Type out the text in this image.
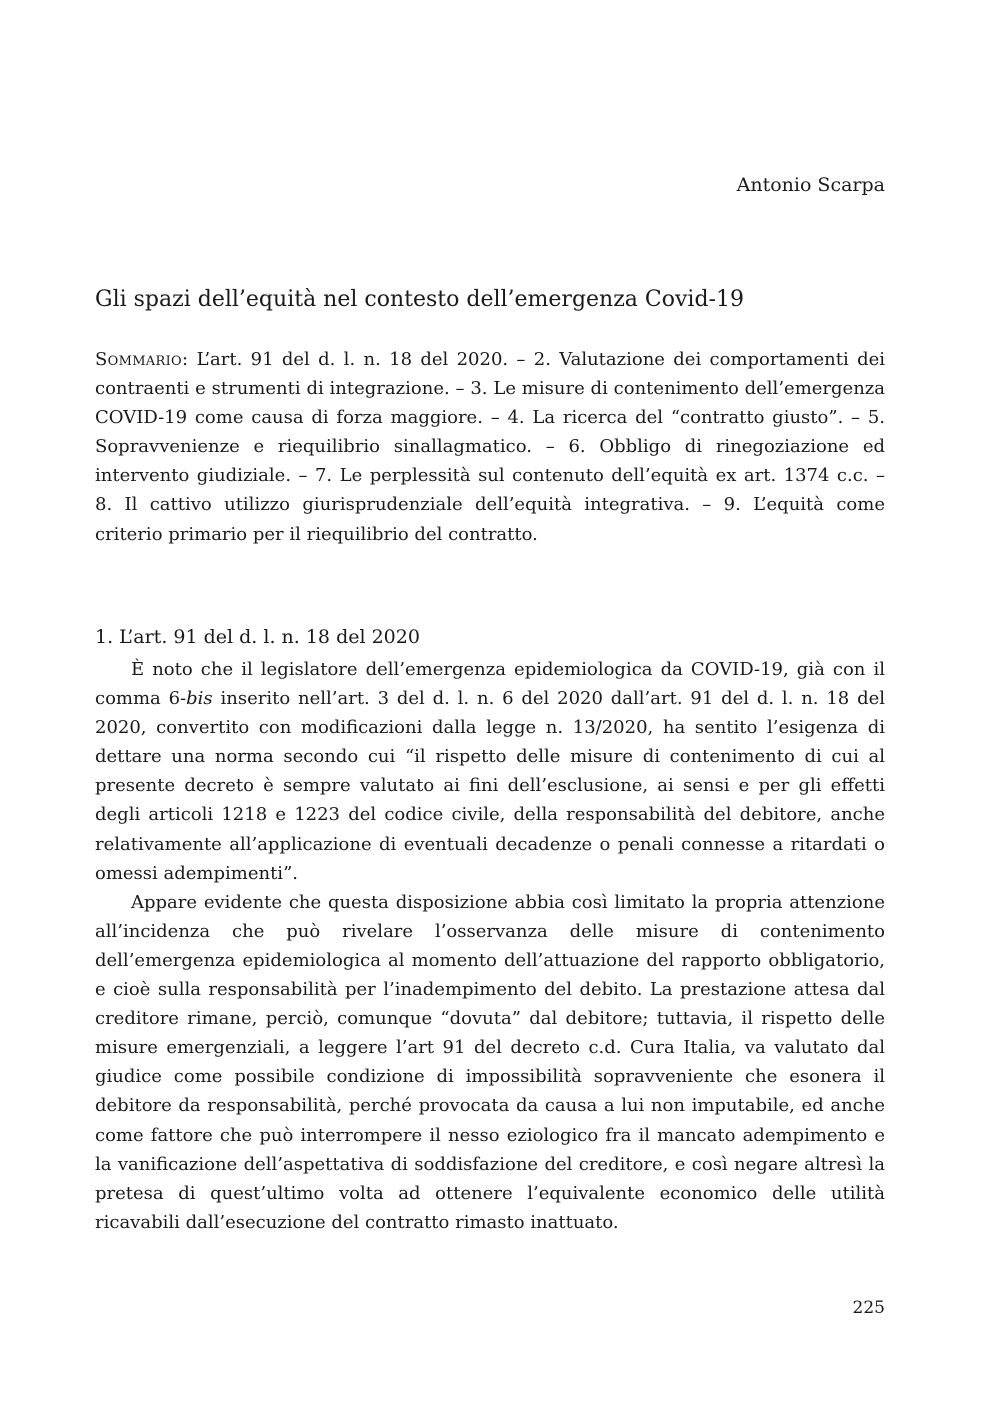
Antonio Scarpa
Gli spazi dell’equità nel contesto dell’emergenza Covid-19

Sommario: L’art. 91 del d. l. n. 18 del 2020. – 2. Valutazione dei comportamenti dei contraenti e strumenti di integrazione. – 3. Le misure di contenimento dell’emergenza COVID-19 come causa di forza maggiore. – 4. La ricerca del “contratto giusto”. – 5. Sopravvenienze e riequilibrio sinallagmatico. – 6. Obbligo di rinegoziazione ed intervento giudiziale. – 7. Le perplessità sul contenuto dell’equità ex art. 1374 c.c. – 8. Il cattivo utilizzo giurisprudenziale dell’equità integrativa. – 9. L’equità come criterio primario per il riequilibrio del contratto.

1. L’art. 91 del d. l. n. 18 del 2020

È noto che il legislatore dell’emergenza epidemiologica da COVID-19, già con il comma 6-bis inserito nell’art. 3 del d. l. n. 6 del 2020 dall’art. 91 del d. l. n. 18 del 2020, convertito con modificazioni dalla legge n. 13/2020, ha sentito l’esigenza di dettare una norma secondo cui “il rispetto delle misure di contenimento di cui al presente decreto è sempre valutato ai fini dell’esclusione, ai sensi e per gli effetti degli articoli 1218 e 1223 del codice civile, della responsabilità del debitore, anche relativamente all’applicazione di eventuali decadenze o penali connesse a ritardati o omessi adempimenti”.

Appare evidente che questa disposizione abbia così limitato la propria attenzione all’incidenza che può rivelare l’osservanza delle misure di contenimento dell’emergenza epidemiologica al momento dell’attuazione del rapporto obbligatorio, e cioè sulla responsabilità per l’inadempimento del debito. La prestazione attesa dal creditore rimane, perciò, comunque “dovuta” dal debitore; tuttavia, il rispetto delle misure emergenziali, a leggere l’art 91 del decreto c.d. Cura Italia, va valutato dal giudice come possibile condizione di impossibilità sopravveniente che esonera il debitore da responsabilità, perché provocata da causa a lui non imputabile, ed anche come fattore che può interrompere il nesso eziologico fra il mancato adempimento e la vanificazione dell’aspettativa di soddisfazione del creditore, e così negare altresì la pretesa di quest’ultimo volta ad ottenere l’equivalente economico delle utilità ricavabili dall’esecuzione del contratto rimasto inattuato.

225
